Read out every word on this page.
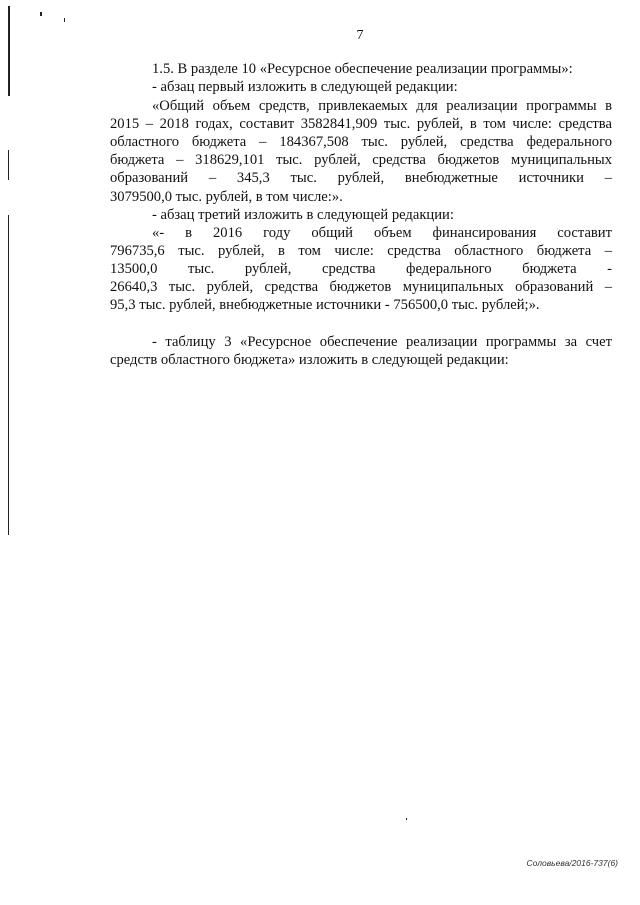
7
1.5. В разделе 10 «Ресурсное обеспечение реализации программы»:
- абзац первый изложить в следующей редакции:
«Общий объем средств, привлекаемых для реализации программы в
2015 – 2018 годах, составит 3582841,909 тыс. рублей, в том числе: средства
областного бюджета – 184367,508 тыс. рублей, средства федерального
бюджета – 318629,101 тыс. рублей, средства бюджетов муниципальных
образований – 345,3 тыс. рублей, внебюджетные источники –
3079500,0 тыс. рублей, в том числе:».
- абзац третий изложить в следующей редакции:
«- в 2016 году общий объем финансирования составит
796735,6 тыс. рублей, в том числе: средства областного бюджета –
13500,0 тыс. рублей, средства федерального бюджета -
26640,3 тыс. рублей, средства бюджетов муниципальных образований –
95,3 тыс. рублей, внебюджетные источники - 756500,0 тыс. рублей;».
- таблицу 3 «Ресурсное обеспечение реализации программы за счет
средств областного бюджета» изложить в следующей редакции:
Соловьева/2016-737(6)
